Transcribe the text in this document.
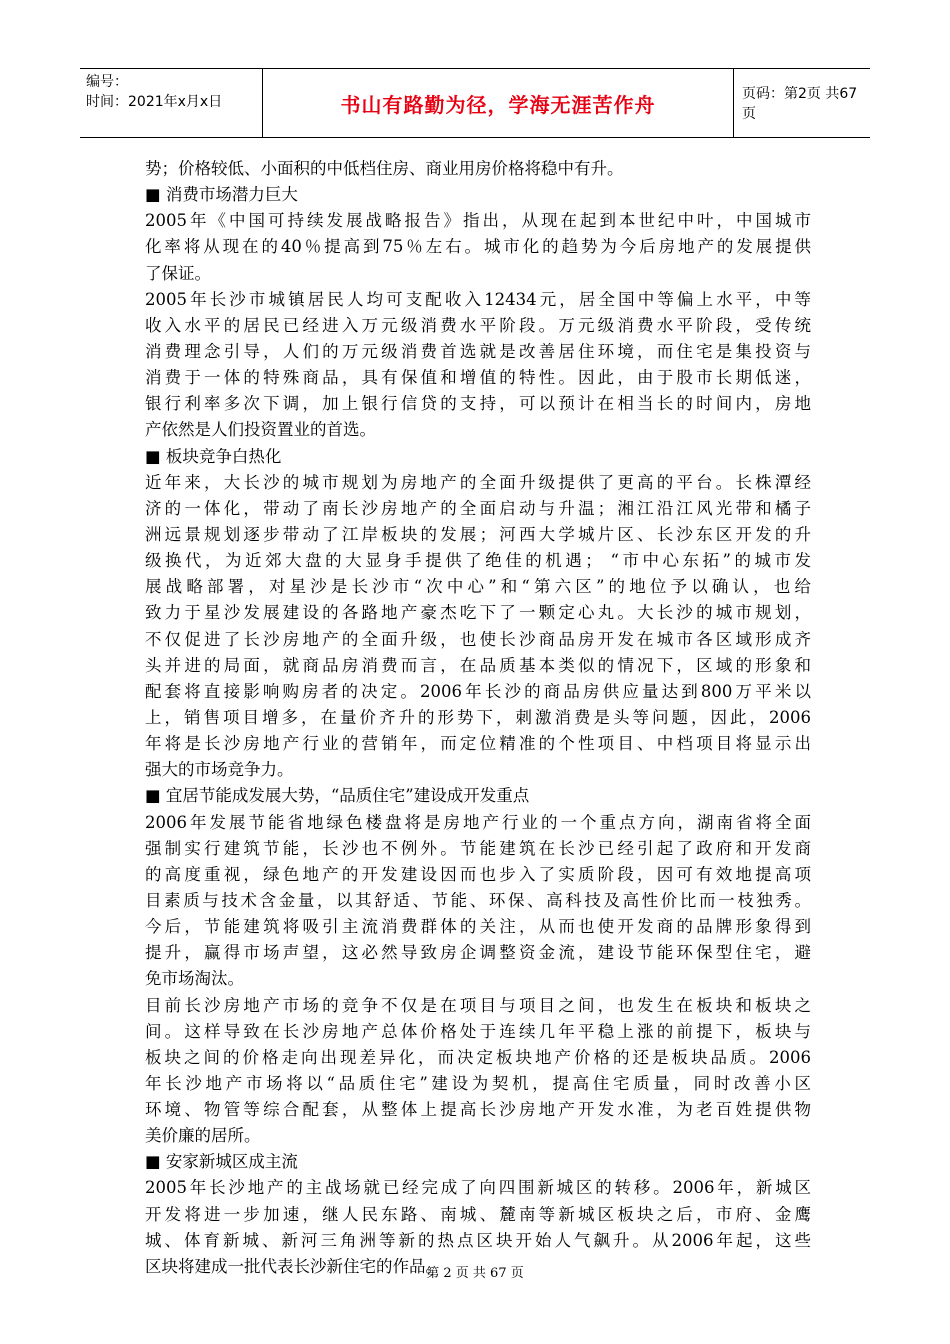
编号：
时间：2021年x月x日	书山有路勤为径，学海无涯苦作舟	页码：第2页 共67页
势；价格较低、小面积的中低档住房、商业用房价格将稳中有升。
■ 消费市场潜力巨大
2005年《中国可持续发展战略报告》指出，从现在起到本世纪中叶，中国城市
化率将从现在的40％提高到75％左右。城市化的趋势为今后房地产的发展提供
了保证。
2005年长沙市城镇居民人均可支配收入12434元，居全国中等偏上水平，中等
收入水平的居民已经进入万元级消费水平阶段。万元级消费水平阶段，受传统
消费理念引导，人们的万元级消费首选就是改善居住环境，而住宅是集投资与
消费于一体的特殊商品，具有保值和增值的特性。因此，由于股市长期低迷，
银行利率多次下调，加上银行信贷的支持，可以预计在相当长的时间内，房地
产依然是人们投资置业的首选。
■ 板块竞争白热化
近年来，大长沙的城市规划为房地产的全面升级提供了更高的平台。长株潭经
济的一体化，带动了南长沙房地产的全面启动与升温；湘江沿江风光带和橘子
洲远景规划逐步带动了江岸板块的发展；河西大学城片区、长沙东区开发的升
级换代，为近郊大盘的大显身手提供了绝佳的机遇； “市中心东拓”的城市发
展战略部署，对星沙是长沙市“次中心”和“第六区”的地位予以确认，也给
致力于星沙发展建设的各路地产豪杰吃下了一颗定心丸。大长沙的城市规划，
不仅促进了长沙房地产的全面升级，也使长沙商品房开发在城市各区域形成齐
头并进的局面，就商品房消费而言，在品质基本类似的情况下，区域的形象和
配套将直接影响购房者的决定。2006年长沙的商品房供应量达到800万平米以
上，销售项目增多，在量价齐升的形势下，刺激消费是头等问题，因此，2006
年将是长沙房地产行业的营销年，而定位精准的个性项目、中档项目将显示出
强大的市场竞争力。
■ 宜居节能成发展大势，“品质住宅”建设成开发重点
2006年发展节能省地绿色楼盘将是房地产行业的一个重点方向，湖南省将全面
强制实行建筑节能，长沙也不例外。节能建筑在长沙已经引起了政府和开发商
的高度重视，绿色地产的开发建设因而也步入了实质阶段，因可有效地提高项
目素质与技术含金量，以其舒适、节能、环保、高科技及高性价比而一枝独秀。
今后，节能建筑将吸引主流消费群体的关注，从而也使开发商的品牌形象得到
提升，赢得市场声望，这必然导致房企调整资金流，建设节能环保型住宅，避
免市场淘汰。
目前长沙房地产市场的竞争不仅是在项目与项目之间，也发生在板块和板块之
间。这样导致在长沙房地产总体价格处于连续几年平稳上涨的前提下，板块与
板块之间的价格走向出现差异化，而决定板块地产价格的还是板块品质。2006
年长沙地产市场将以“品质住宅”建设为契机，提高住宅质量，同时改善小区
环境、物管等综合配套，从整体上提高长沙房地产开发水准，为老百姓提供物
美价廉的居所。
■ 安家新城区成主流
2005年长沙地产的主战场就已经完成了向四围新城区的转移。2006年，新城区
开发将进一步加速，继人民东路、南城、麓南等新城区板块之后，市府、金鹰
城、体育新城、新河三角洲等新的热点区块开始人气飙升。从2006年起，这些
区块将建成一批代表长沙新住宅的作品。
第 2 页 共 67 页
